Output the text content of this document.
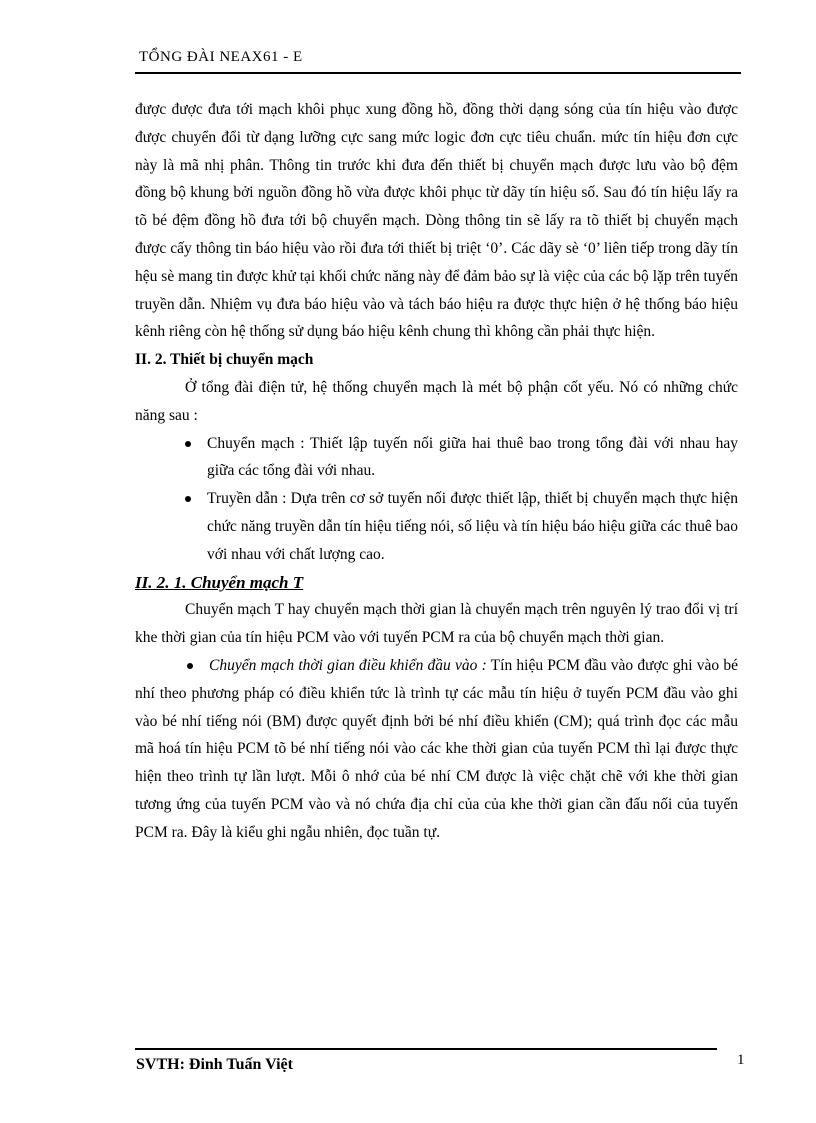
TỔNG ĐÀI NEAX61 - E

được được đưa tới mạch khôi phục xung đồng hồ, đồng thời dạng sóng của tín hiệu vào được được chuyển đổi từ dạng lưỡng cực sang mức logic đơn cực tiêu chuẩn. mức tín hiệu đơn cực này là mã nhị phân. Thông tin trước khi đưa đến thiết bị chuyển mạch được lưu vào bộ đệm đồng bộ khung bởi nguồn đồng hồ vừa được khôi phục từ dãy tín hiệu số. Sau đó tín hiệu lấy ra tõ bé đệm đồng hồ đưa tới bộ chuyển mạch. Dòng thông tin sẽ lấy ra tõ thiết bị chuyển mạch được cấy thông tin báo hiệu vào rồi đưa tới thiết bị triệt ‘0’. Các dãy sè ‘0’ liên tiếp trong dãy tín hệu sè mang tin được khử tại khối chức năng này để đảm bảo sự là việc của các bộ lặp trên tuyến truyền dẫn. Nhiệm vụ đưa báo hiệu vào và tách báo hiệu ra được thực hiện ở hệ thống báo hiệu kênh riêng còn hệ thống sử dụng báo hiệu kênh chung thì không cần phải thực hiện.

II. 2. Thiết bị chuyển mạch

Ở tổng đài điện tử, hệ thống chuyển mạch là mét bộ phận cốt yếu. Nó có những chức năng sau :

Chuyển mạch : Thiết lập tuyến nối giữa hai thuê bao trong tổng đài với nhau hay giữa các tổng đài với nhau.
Truyền dẫn : Dựa trên cơ sở tuyến nối được thiết lập, thiết bị chuyển mạch thực hiện chức năng truyền dẫn tín hiệu tiếng nói, số liệu và tín hiệu báo hiệu giữa các thuê bao với nhau với chất lượng cao.

II. 2. 1. Chuyển mạch T

Chuyển mạch T hay chuyển mạch thời gian là chuyển mạch trên nguyên lý trao đổi vị trí khe thời gian của tín hiệu PCM vào với tuyến PCM ra của bộ chuyển mạch thời gian.

Chuyển mạch thời gian điều khiển đầu vào : Tín hiệu PCM đầu vào được ghi vào bé nhí theo phương pháp có điều khiển tức là trình tự các mẫu tín hiệu ở tuyến PCM đầu vào ghi vào bé nhí tiếng nói (BM) được quyết định bởi bé nhí điều khiển (CM); quá trình đọc các mẫu mã hoá tín hiệu PCM tõ bé nhí tiếng nói vào các khe thời gian của tuyến PCM thì lại được thực hiện theo trình tự lần lượt. Mỗi ô nhớ của bé nhí CM được là việc chặt chẽ với khe thời gian tương ứng của tuyến PCM vào và nó chứa địa chỉ của của khe thời gian cần đấu nối của tuyến PCM ra. Đây là kiểu ghi ngẫu nhiên, đọc tuần tự.

SVTH: Đinh Tuấn Việt	1
